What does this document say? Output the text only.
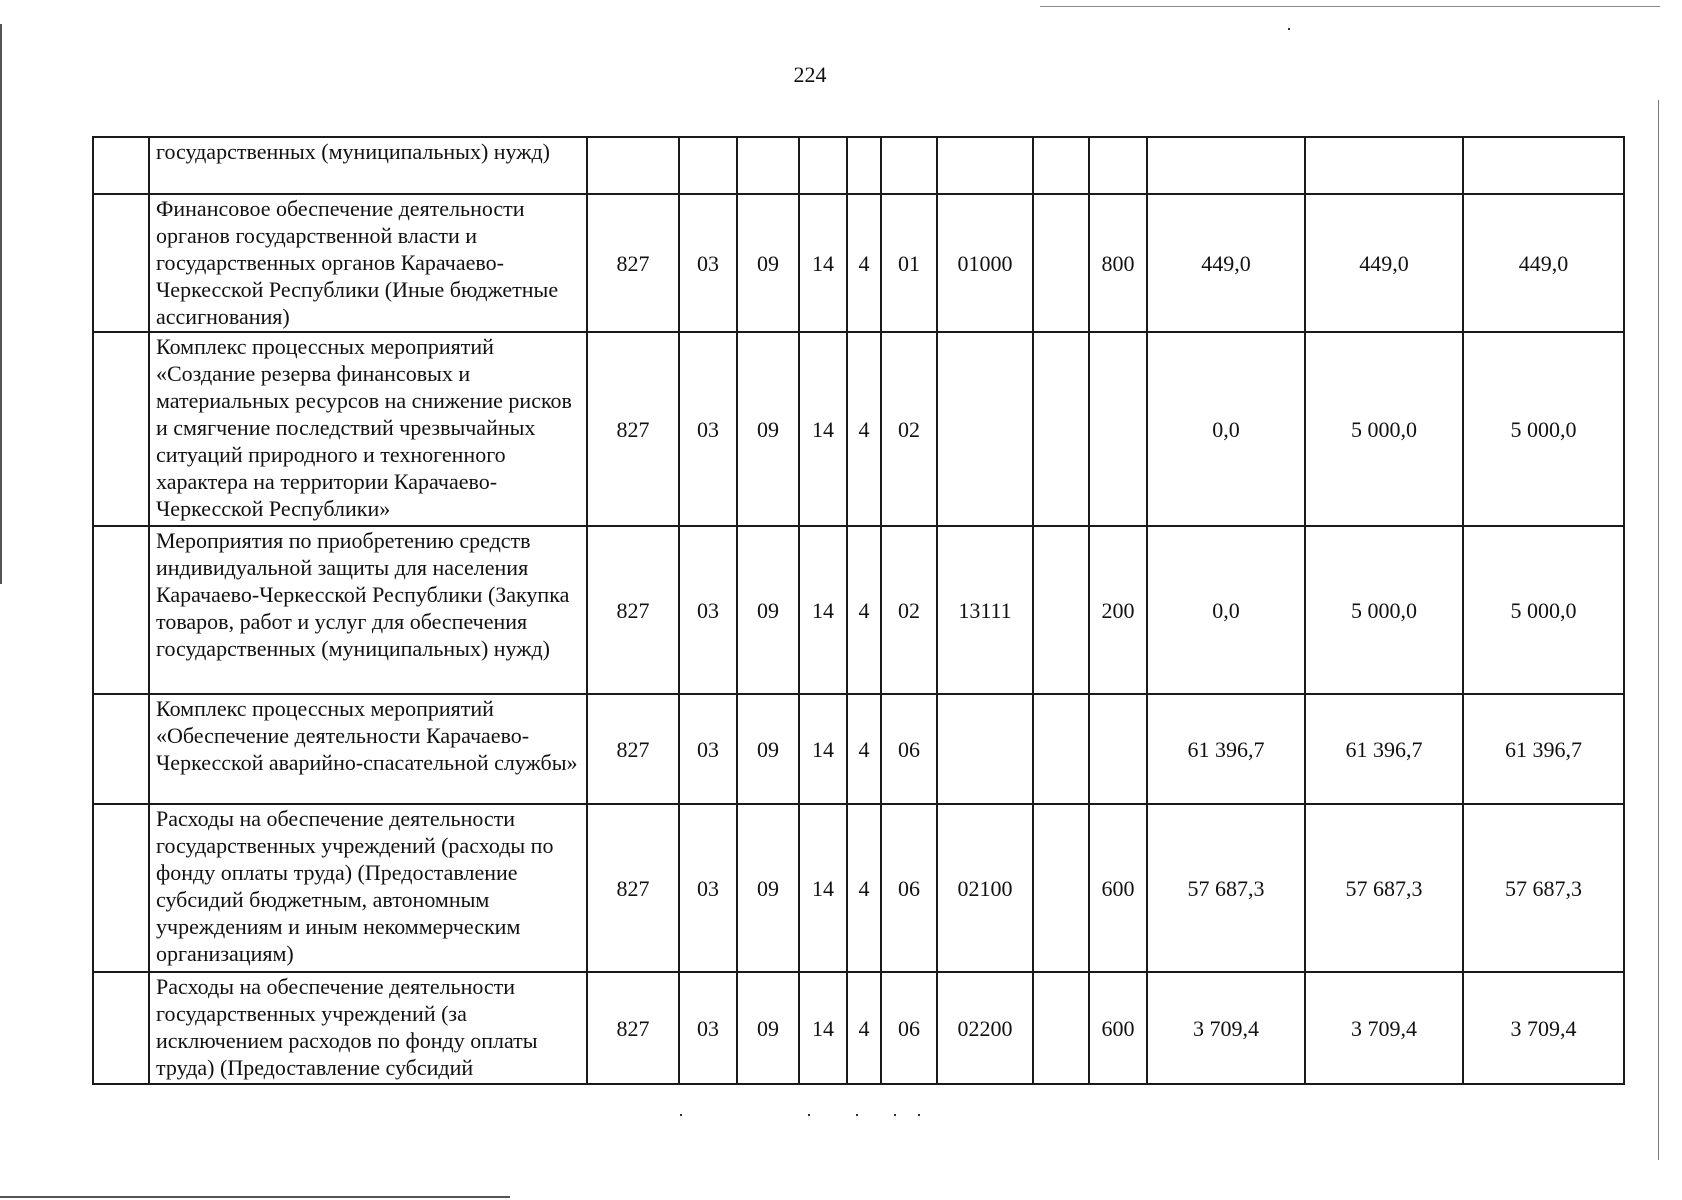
224
	государственных (муниципальных) нужд)												
	Финансовое обеспечение деятельности органов государственной власти и государственных органов Карачаево-Черкесской Республики (Иные бюджетные ассигнования)	827	03	09	14	4	01	01000		800	449,0	449,0	449,0
	Комплекс процессных мероприятий «Создание резерва финансовых и материальных ресурсов на снижение рисков и смягчение последствий чрезвычайных ситуаций природного и техногенного характера на территории Карачаево-Черкесской Республики»	827	03	09	14	4	02				0,0	5 000,0	5 000,0
	Мероприятия по приобретению средств индивидуальной защиты для населения Карачаево-Черкесской Республики (Закупка товаров, работ и услуг для обеспечения государственных (муниципальных) нужд)	827	03	09	14	4	02	13111		200	0,0	5 000,0	5 000,0
	Комплекс процессных мероприятий «Обеспечение деятельности Карачаево-Черкесской аварийно-спасательной службы»	827	03	09	14	4	06				61 396,7	61 396,7	61 396,7
	Расходы на обеспечение деятельности государственных учреждений (расходы по фонду оплаты труда) (Предоставление субсидий бюджетным, автономным учреждениям и иным некоммерческим организациям)	827	03	09	14	4	06	02100		600	57 687,3	57 687,3	57 687,3
	Расходы на обеспечение деятельности государственных учреждений (за исключением расходов по фонду оплаты труда) (Предоставление субсидий	827	03	09	14	4	06	02200		600	3 709,4	3 709,4	3 709,4
